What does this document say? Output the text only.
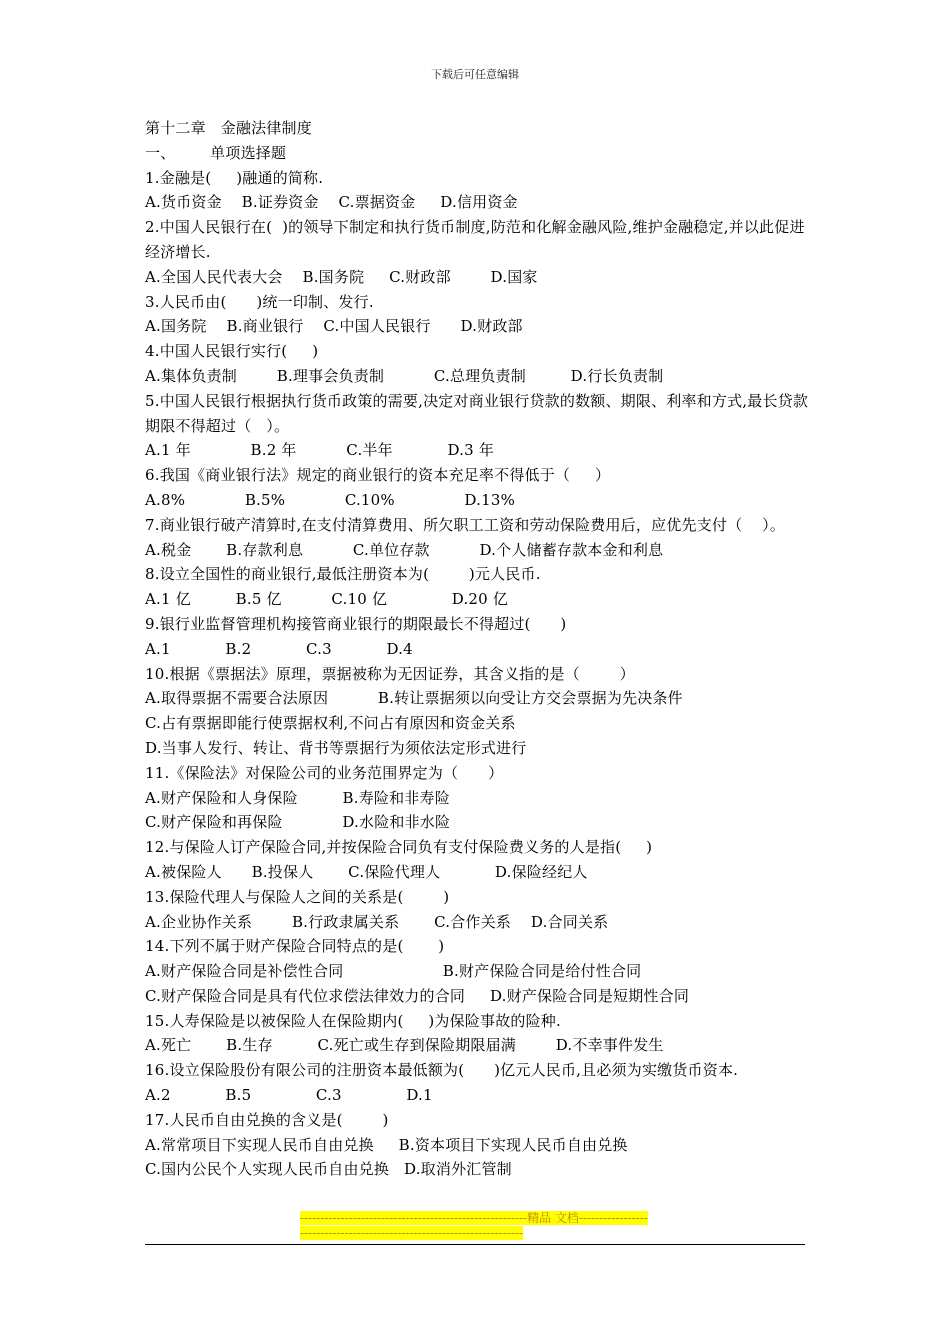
下载后可任意编辑
第十二章   金融法律制度
一、       单项选择题
1.金融是(     )融通的简称.
A.货币资金    B.证券资金    C.票据资金     D.信用资金
2.中国人民银行在(  )的领导下制定和执行货币制度,防范和化解金融风险,维护金融稳定,并以此促进经济增长.
A.全国人民代表大会    B.国务院     C.财政部        D.国家
3.人民币由(      )统一印制、发行.
A.国务院    B.商业银行    C.中国人民银行      D.财政部
4.中国人民银行实行(     )
A.集体负责制        B.理事会负责制          C.总理负责制         D.行长负责制
5.中国人民银行根据执行货币政策的需要,决定对商业银行贷款的数额、期限、利率和方式,最长贷款期限不得超过（   ）。
A.1 年            B.2 年          C.半年           D.3 年
6.我国《商业银行法》规定的商业银行的资本充足率不得低于（     ）
A.8%            B.5%            C.10%              D.13%
7.商业银行破产清算时,在支付清算费用、所欠职工工资和劳动保险费用后，应优先支付（    ）。
A.税金       B.存款利息          C.单位存款          D.个人储蓄存款本金和利息
8.设立全国性的商业银行,最低注册资本为(        )元人民币.
A.1 亿         B.5 亿          C.10 亿             D.20 亿
9.银行业监督管理机构接管商业银行的期限最长不得超过(      )
A.1           B.2           C.3           D.4
10.根据《票据法》原理，票据被称为无因证券，其含义指的是（        ）
A.取得票据不需要合法原因          B.转让票据须以向受让方交会票据为先决条件
C.占有票据即能行使票据权利,不问占有原因和资金关系
D.当事人发行、转让、背书等票据行为须依法定形式进行
11.《保险法》对保险公司的业务范围界定为（      ）
A.财产保险和人身保险         B.寿险和非寿险
C.财产保险和再保险            D.水险和非水险
12.与保险人订产保险合同,并按保险合同负有支付保险费义务的人是指(     )
A.被保险人      B.投保人       C.保险代理人           D.保险经纪人
13.保险代理人与保险人之间的关系是(        )
A.企业协作关系        B.行政隶属关系       C.合作关系    D.合同关系
14.下列不属于财产保险合同特点的是(       )
A.财产保险合同是补偿性合同                    B.财产保险合同是给付性合同
C.财产保险合同是具有代位求偿法律效力的合同     D.财产保险合同是短期性合同
15.人寿保险是以被保险人在保险期内(     )为保险事故的险种.
A.死亡       B.生存         C.死亡或生存到保险期限届满        D.不幸事件发生
16.设立保险股份有限公司的注册资本最低额为(      )亿元人民币,且必须为实缴货币资本.
A.2           B.5             C.3             D.1
17.人民币自由兑换的含义是(        )
A.常常项目下实现人民币自由兑换     B.资本项目下实现人民币自由兑换
C.国内公民个人实现人民币自由兑换   D.取消外汇管制
--------------------------------------------------------精品 文档------------------------------------------------------------------------
